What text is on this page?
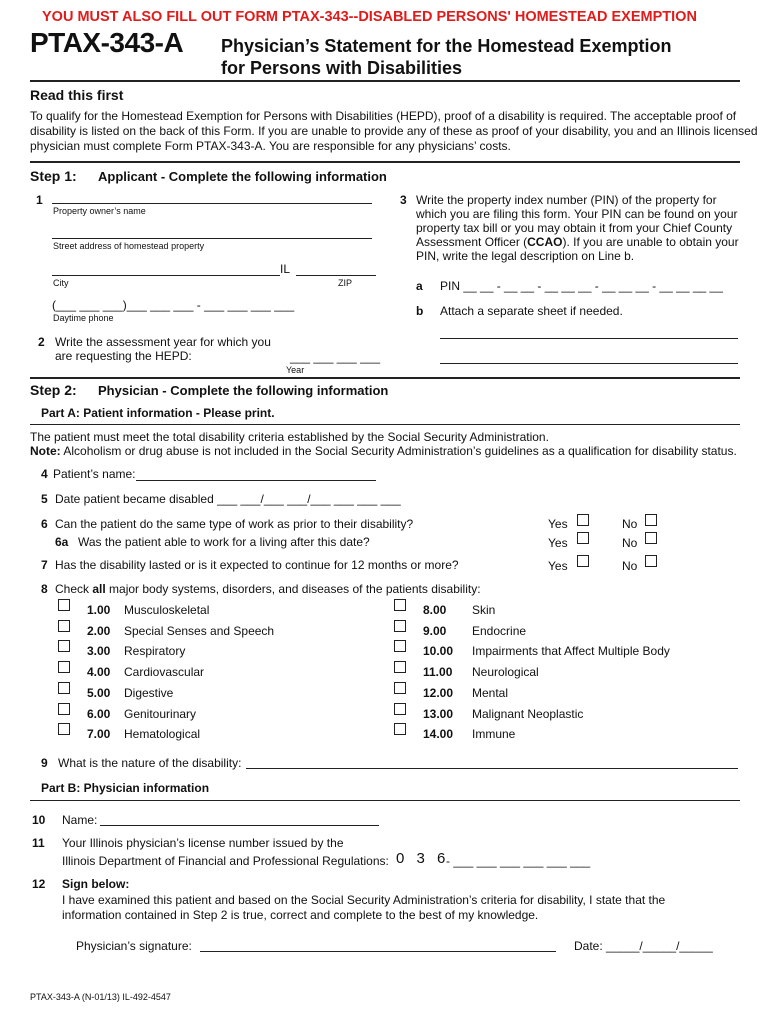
YOU MUST ALSO FILL OUT FORM PTAX-343--DISABLED PERSONS' HOMESTEAD EXEMPTION
PTAX-343-A Physician’s Statement for the Homestead Exemption
for Persons with Disabilities
Read this first
To qualify for the Homestead Exemption for Persons with Disabilities (HEPD), proof of a disability is required. The acceptable proof of
disability is listed on the back of this Form. If you are unable to provide any of these as proof of your disability, you and an Illinois licensed
physician must complete Form PTAX-343-A. You are responsible for any physicians’ costs.
Step 1: Applicant - Complete the following information
1
Property owner’s name
Street address of homestead property
IL
City	ZIP
(___ ___ ___)___ ___ ___ - ___ ___ ___ ___
Daytime phone
2 Write the assessment year for which you
are requesting the HEPD:	___ ___ ___ ___
Year
3 Write the property index number (PIN) of the property for
which you are filing this form. Your PIN can be found on your
property tax bill or you may obtain it from your Chief County
Assessment Officer (CCAO). If you are unable to obtain your
PIN, write the legal description on Line b.
a PIN __ __ - __ __ - __ __ __ - __ __ __ - __ __ __ __
b Attach a separate sheet if needed.
Step 2: Physician - Complete the following information
Part A: Patient information - Please print.
The patient must meet the total disability criteria established by the Social Security Administration.
Note: Alcoholism or drug abuse is not included in the Social Security Administration’s guidelines as a qualification for disability status.
4 Patient’s name:
5 Date patient became disabled ___ ___/___ ___/___ ___ ___ ___
6 Can the patient do the same type of work as prior to their disability?	Yes	No
6a Was the patient able to work for a living after this date?	Yes	No
7 Has the disability lasted or is it expected to continue for 12 months or more?	Yes	No
8 Check all major body systems, disorders, and diseases of the patients disability:
1.00 Musculoskeletal
2.00 Special Senses and Speech
3.00 Respiratory
4.00 Cardiovascular
5.00 Digestive
6.00 Genitourinary
7.00 Hematological
8.00 Skin
9.00 Endocrine
10.00 Impairments that Affect Multiple Body
11.00 Neurological
12.00 Mental
13.00 Malignant Neoplastic
14.00 Immune
9 What is the nature of the disability:
Part B: Physician information
10 Name:
11 Your Illinois physician’s license number issued by the
Illinois Department of Financial and Professional Regulations: 0 3 6
- ___ ___ ___ ___ ___ ___
12 Sign below:
I have examined this patient and based on the Social Security Administration’s criteria for disability, I state that the
information contained in Step 2 is true, correct and complete to the best of my knowledge.
Physician’s signature:	Date: _____/_____/_____
PTAX-343-A (N-01/13) IL-492-4547
